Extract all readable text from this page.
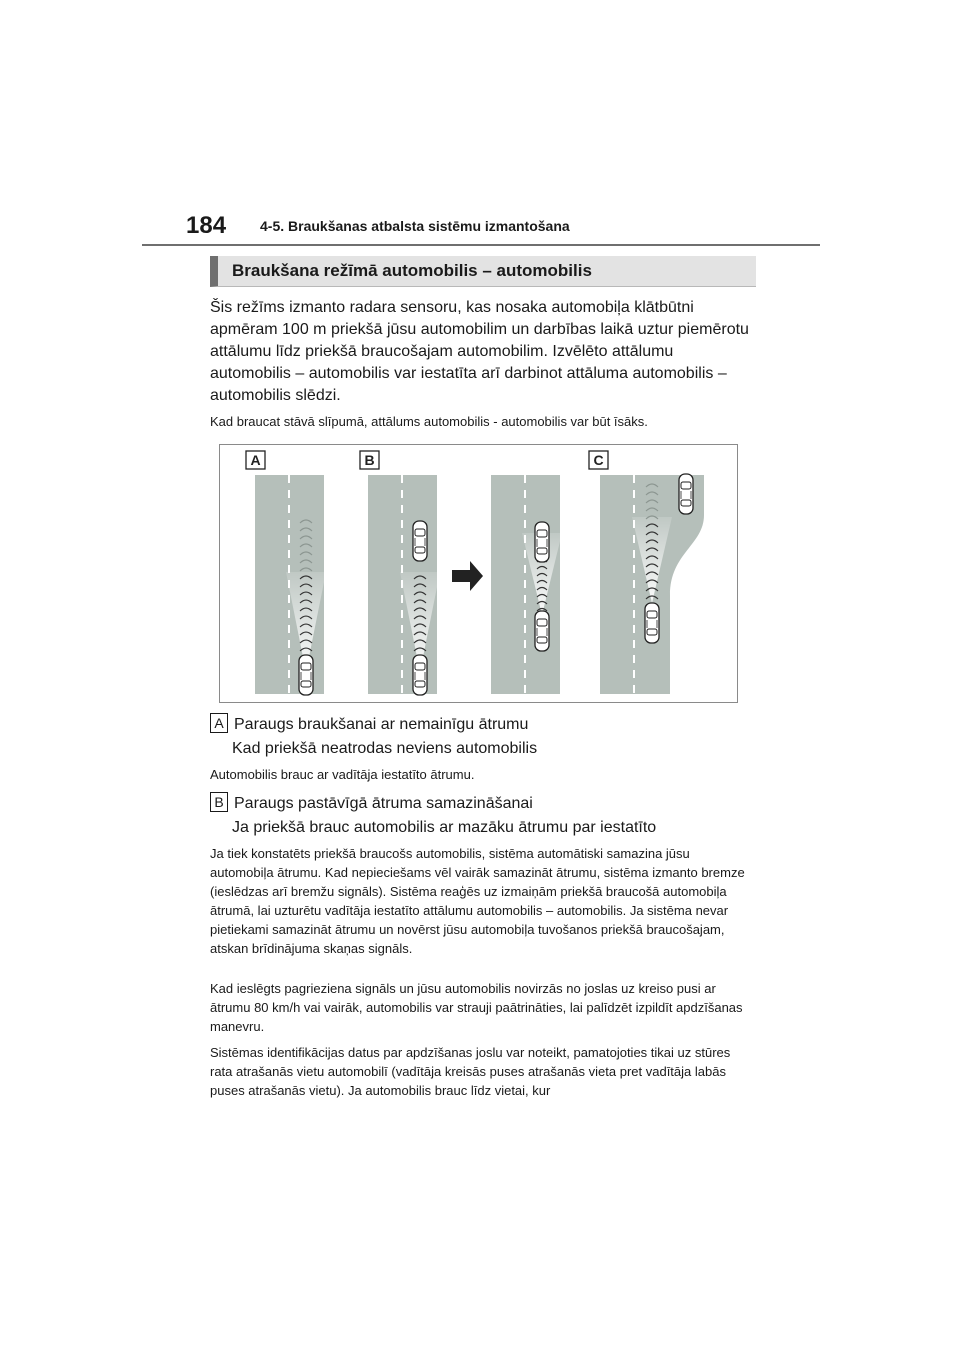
184 4-5. Braukšanas atbalsta sistēmu izmantošana
Braukšana režīmā automobilis – automobilis

Šis režīms izmanto radara sensoru, kas nosaka automobiļa klātbūtni apmēram 100 m priekšā jūsu automobilim un darbības laikā uztur piemērotu attālumu līdz priekšā braucošajam automobilim. Izvēlēto attālumu automobilis – automobilis var iestatīta arī darbinot attāluma automobilis – automobilis slēdzi.

Kad braucat stāvā slīpumā, attālums automobilis - automobilis var būt īsāks.

A	B	C
A Paraugs braukšanai ar nemainīgu ātrumu
Kad priekšā neatrodas neviens automobilis

Automobilis brauc ar vadītāja iestatīto ātrumu.

B Paraugs pastāvīgā ātruma samazināšanai
Ja priekšā brauc automobilis ar mazāku ātrumu par iestatīto

Ja tiek konstatēts priekšā braucošs automobilis, sistēma automātiski samazina jūsu automobiļa ātrumu. Kad nepieciešams vēl vairāk samazināt ātrumu, sistēma izmanto bremze (ieslēdzas arī bremžu signāls). Sistēma reaģēs uz izmaiņām priekšā braucošā automobiļa ātrumā, lai uzturētu vadītāja iestatīto attālumu automobilis – automobilis. Ja sistēma nevar pietiekami samazināt ātrumu un novērst jūsu automobiļa tuvošanos priekšā braucošajam, atskan brīdinājuma skaņas signāls.

Kad ieslēgts pagrieziena signāls un jūsu automobilis novirzās no joslas uz kreiso pusi ar ātrumu 80 km/h vai vairāk, automobilis var strauji paātrināties, lai palīdzēt izpildīt apdzīšanas manevru.

Sistēmas identifikācijas datus par apdzīšanas joslu var noteikt, pamatojoties tikai uz stūres rata atrašanās vietu automobilī (vadītāja kreisās puses atrašanās vieta pret vadītāja labās puses atrašanās vietu). Ja automobilis brauc līdz vietai, kur
